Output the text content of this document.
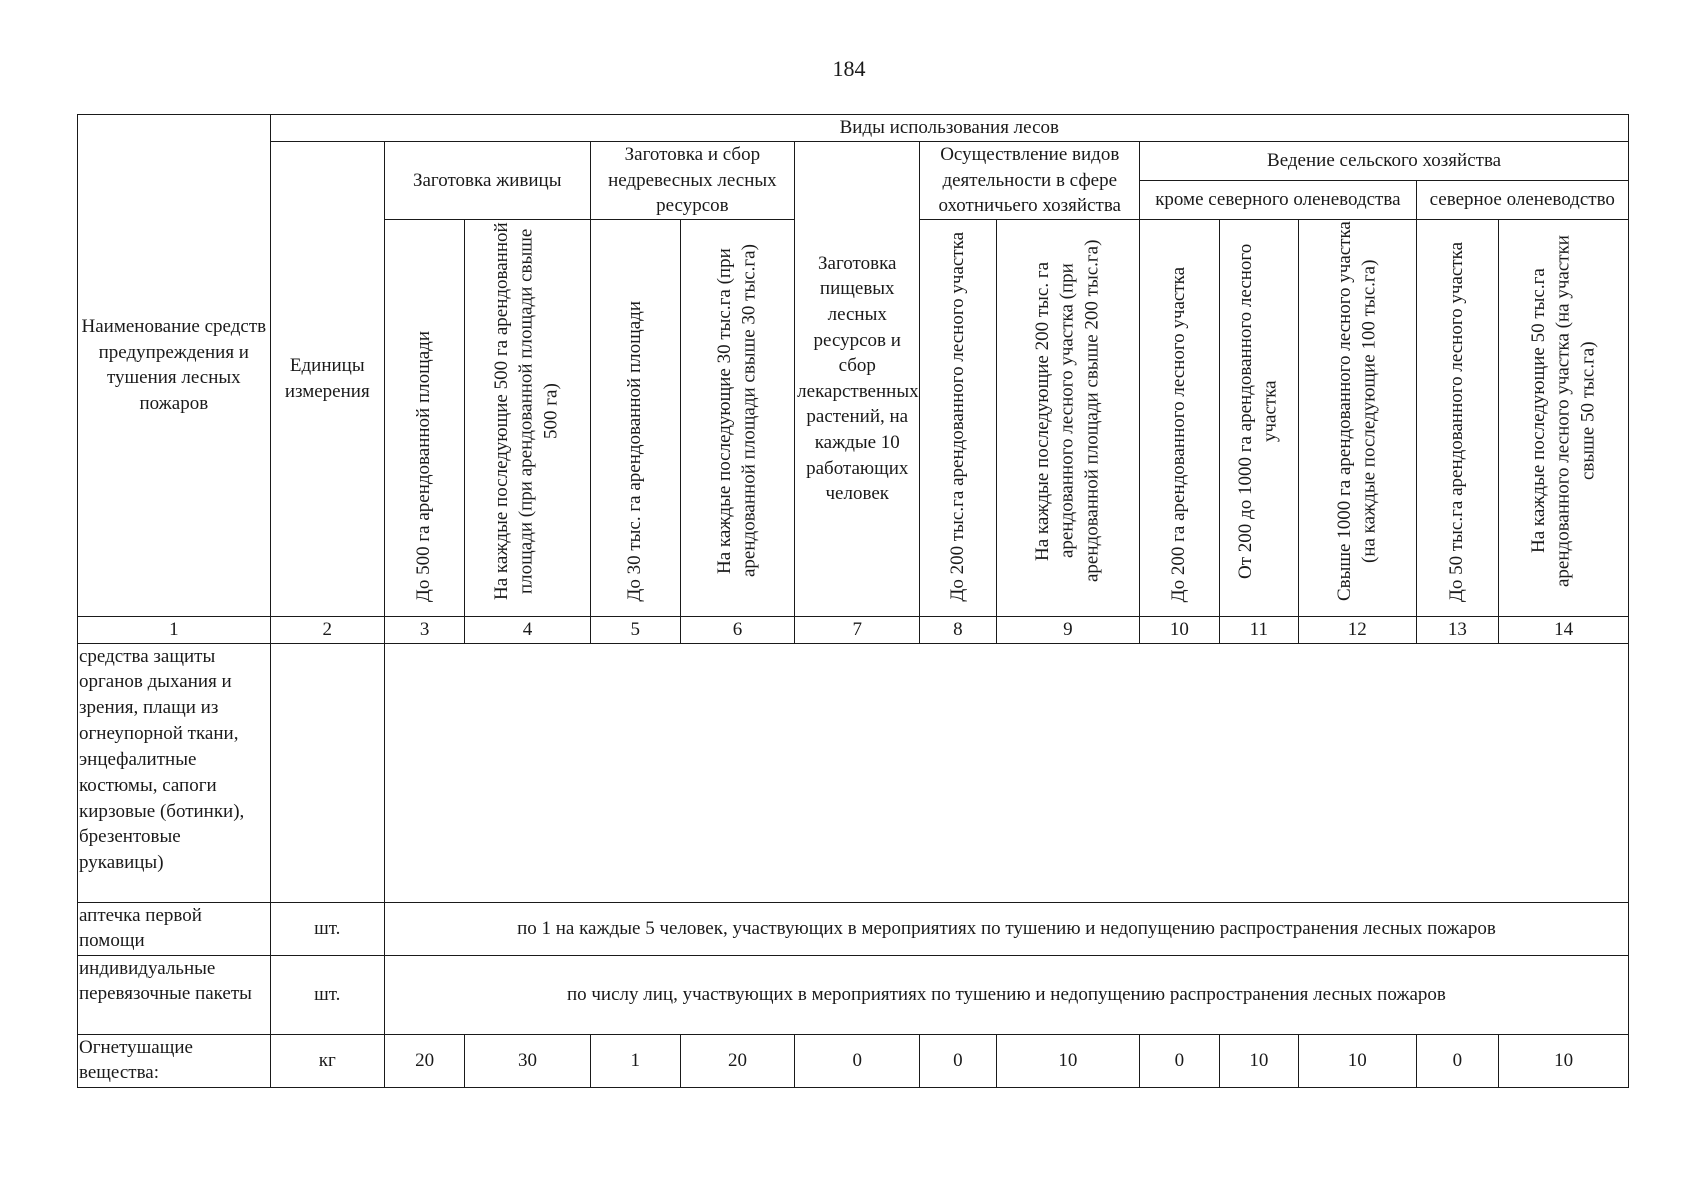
184
Наименование средств предупреждения и тушения лесных пожаров	Виды использования лесов												
	Единицы измерения	Заготовка живицы		Заготовка и сбор недревесных лесных ресурсов		Заготовка пищевых лесных ресурсов и сбор лекарственных растений, на каждые 10 работающих человек	Осуществление видов деятельности в сфере охотничьего хозяйства		Ведение сельского хозяйства				
									кроме северного оленеводства			северное оленеводство	
		До 500 га арендованной площади	На каждые последующие 500 га арендованной площади (при арендованной площади свыше 500 га)	До 30 тыс. га арендованной площади	На каждые последующие 30 тыс.га (при арендованной площади свыше 30 тыс.га)		До 200 тыс.га арендованного лесного участка	На каждые последующие 200 тыс. га арендованного лесного участка (при арендованной площади свыше 200 тыс.га)	До 200 га арендованного лесного участка	От 200 до 1000 га арендованного лесного участка	Свыше 1000 га арендованного лесного участка (на каждые последующие 100 тыс.га)	До 50 тыс.га арендованного лесного участка	На каждые последующие 50 тыс.га арендованного лесного участка (на участки свыше 50 тыс.га)
1	2	3	4	5	6	7	8	9	10	11	12	13	14
средства защиты органов дыхания и зрения, плащи из огнеупорной ткани, энцефалитные костюмы, сапоги кирзовые (ботинки), брезентовые рукавицы)													
аптечка первой помощи	шт.	по 1 на каждые 5 человек, участвующих в мероприятиях по тушению и недопущению распространения лесных пожаров											
индивидуальные перевязочные пакеты	шт.	по числу лиц, участвующих в мероприятиях по тушению и недопущению распространения лесных пожаров											
Огнетушащие вещества:	кг	20	30	1	20	0	0	10	0	10	10	0	10
